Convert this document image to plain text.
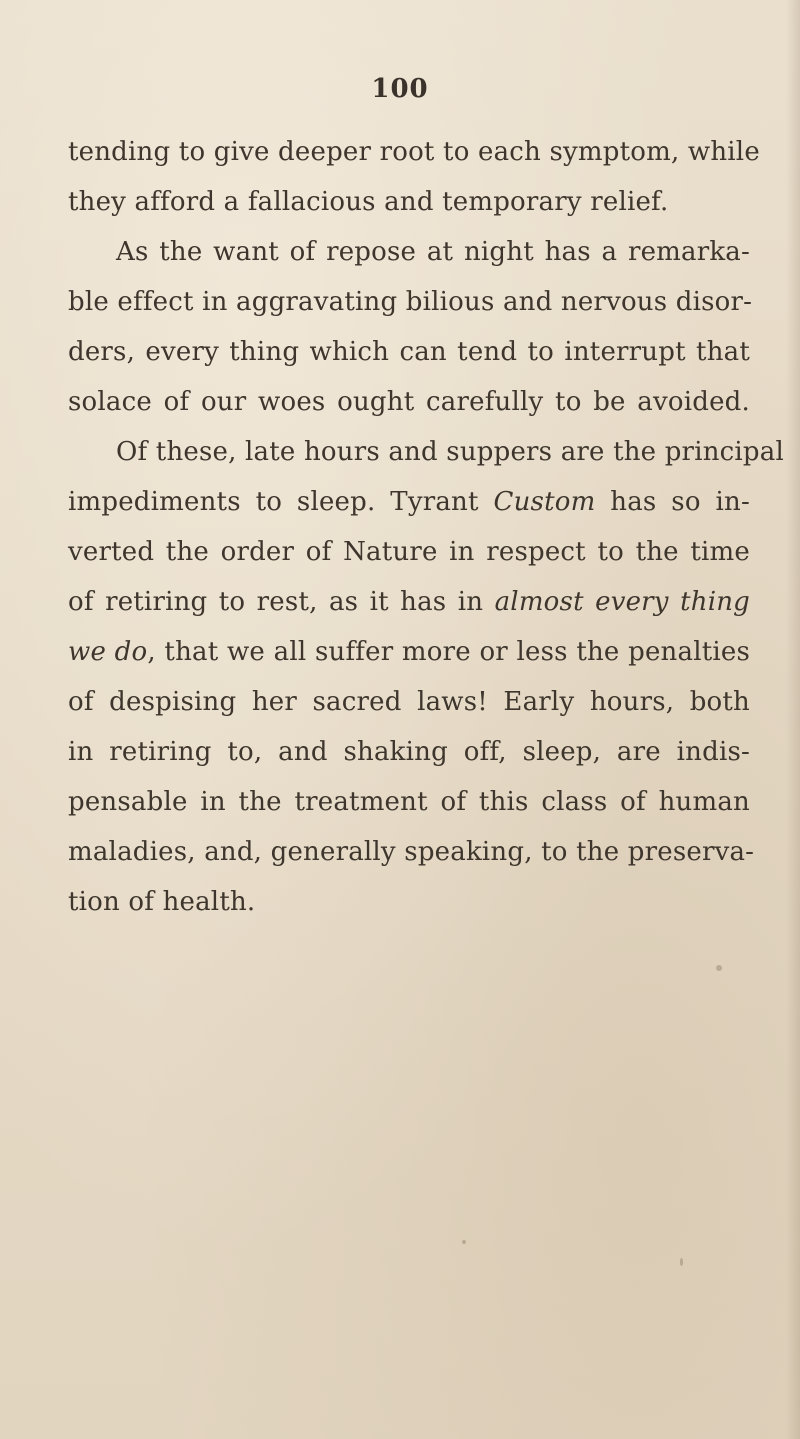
100
tending to give deeper root to each symptom, while
they afford a fallacious and temporary relief.
As the want of repose at night has a remarka-
ble effect in aggravating bilious and nervous disor-
ders, every thing which can tend to interrupt that
solace of our woes ought carefully to be avoided.
Of these, late hours and suppers are the principal
impediments to sleep. Tyrant Custom has so in-
verted the order of Nature in respect to the time
of retiring to rest, as it has in almost every thing
we do, that we all suffer more or less the penalties
of despising her sacred laws! Early hours, both
in retiring to, and shaking off, sleep, are indis-
pensable in the treatment of this class of human
maladies, and, generally speaking, to the preserva-
tion of health.
